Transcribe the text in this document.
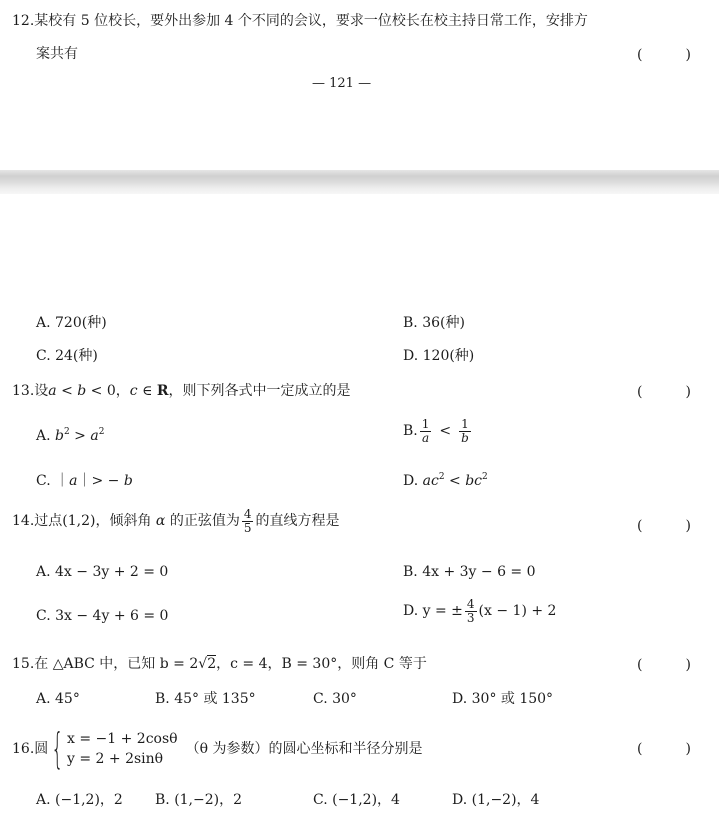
12.某校有 5 位校长，要外出参加 4 个不同的会议，要求一位校长在校主持日常工作，安排方
案共有	(	)
— 121 —
A. 720(种)	B. 36(种)
C. 24(种)	D. 120(种)
13.设a < b < 0，c ∈ R，则下列各式中一定成立的是	(	)
A. $b^2 > a^2$	B. $\frac{1}{a} < \frac{1}{b}$
C. ｜a｜> − b	D. $ac^2 < bc^2$
14. 过点(1,2)，倾斜角
α
的正弦值为 $\frac{4}{5}$ 的直线方程是	(	)
A. 4x − 3y + 2 = 0	B. 4x + 3y − 6 = 0
C. 3x − 4y + 6 = 0	D. y = ± $\frac{4}{3} (x - 1) + 2$
15.在 △ABC 中，已知 b = 2√2，c = 4，B = 30°，则角 C 等于	(	)
A. 45°	B. 45° 或 135°	C. 30°	D. 30° 或 150°
16. 圆 { x = −1 + 2cosθ
y = 2 + 2sinθ
（θ 为参数）的圆心坐标和半径分别是	(	)
A. (−1,2)，2 B. (1,−2)，2	C. (−1,2)，4	D. (1,−2)，4
